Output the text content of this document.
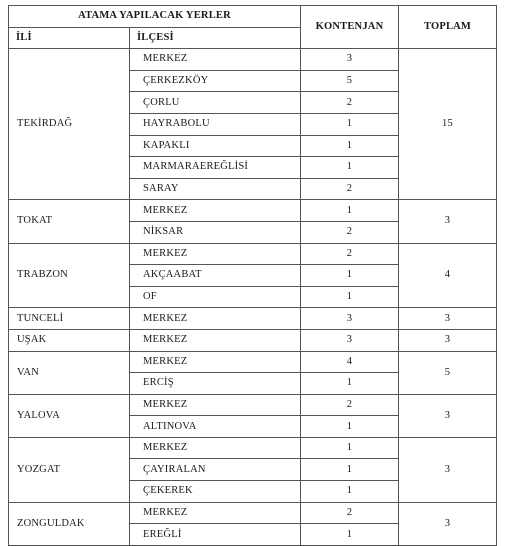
ATAMA YAPILACAK YERLER		KONTENJAN	TOPLAM
İLİ	İLÇESİ		
TEKİRDAĞ	MERKEZ	3	15
	ÇERKEZKÖY	5	
	ÇORLU	2	
	HAYRABOLU	1	
	KAPAKLI	1	
	MARMARAEREĞLİSİ	1	
	SARAY	2	
TOKAT	MERKEZ	1	3
	NİKSAR	2	
TRABZON	MERKEZ	2	4
	AKÇAABAT	1	
	OF	1	
TUNCELİ	MERKEZ	3	3
UŞAK	MERKEZ	3	3
VAN	MERKEZ	4	5
	ERCİŞ	1	
YALOVA	MERKEZ	2	3
	ALTINOVA	1	
YOZGAT	MERKEZ	1	3
	ÇAYIRALAN	1	
	ÇEKEREK	1	
ZONGULDAK	MERKEZ	2	3
	EREĞLİ	1	
